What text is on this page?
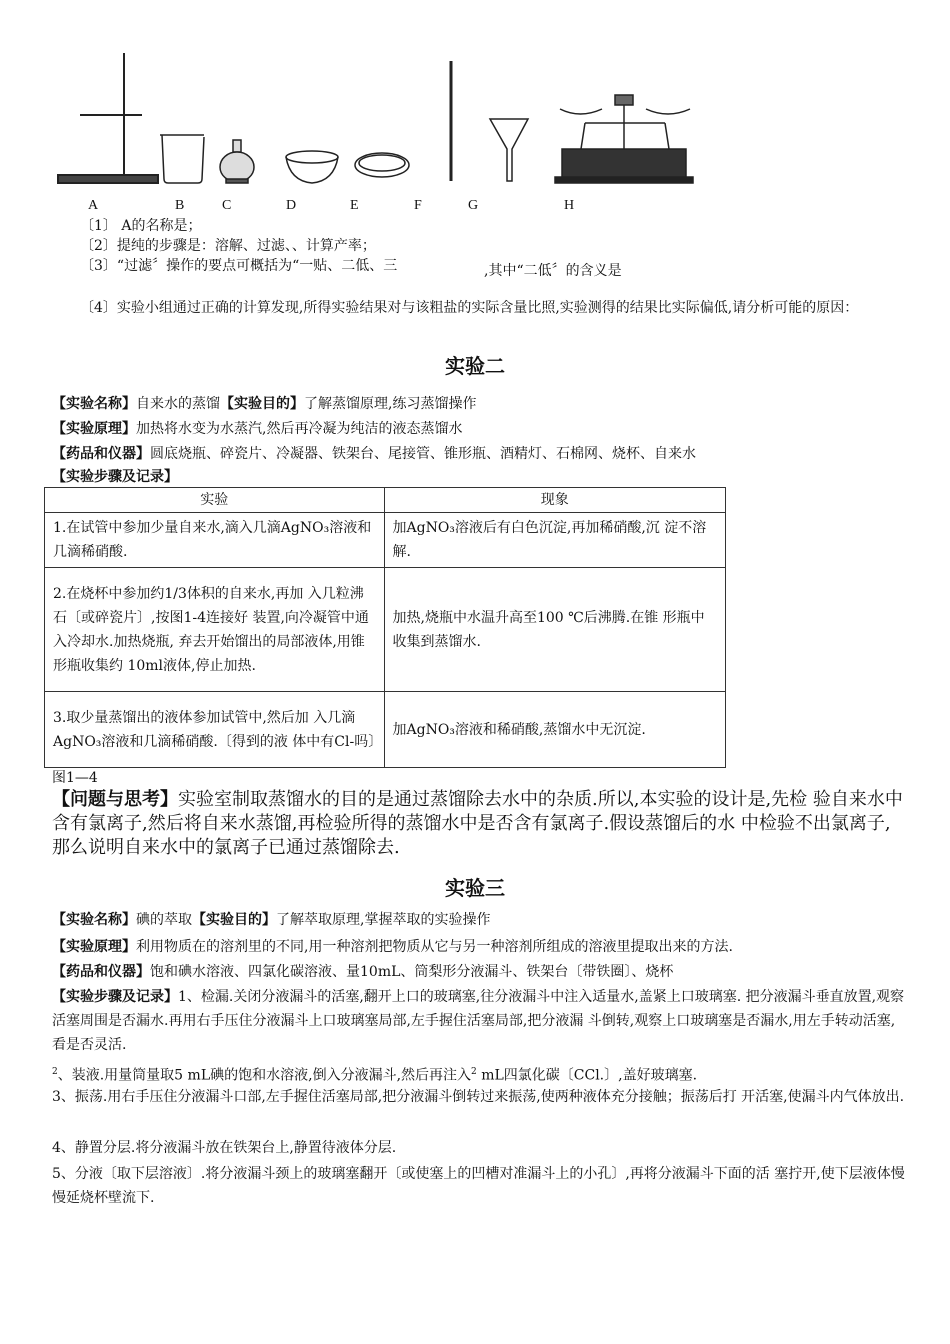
A	B	C	D	E	F	G	H
〔1〕 A的名称是；
〔2〕提纯的步骤是：溶解、过滤、、计算产率；
〔3〕“过滤〞操作的要点可概括为“一贴、二低、三	,其中“二低〞的含义是
〔4〕实验小组通过正确的计算发现,所得实验结果对与该粗盐的实际含量比照,实验测得的结果比实际偏低,请分析可能的原因：
实验二
【实验名称】自来水的蒸馏【实验目的】了解蒸馏原理,练习蒸馏操作
【实验原理】加热将水变为水蒸汽,然后再冷凝为纯洁的液态蒸馏水
【药品和仪器】圆底烧瓶、碎瓷片、冷凝器、铁架台、尾接管、锥形瓶、酒精灯、石棉网、烧杯、自来水
【实验步骤及记录】
实验	现象
1.在试管中参加少量自来水,滴入几滴AgNO₃溶液和几滴稀硝酸.	加AgNO₃溶液后有白色沉淀,再加稀硝酸,沉 淀不溶解.
2.在烧杯中参加约1/3体积的自来水,再加 入几粒沸石〔或碎瓷片〕,按图1-4连接好 装置,向冷凝管中通入冷却水.加热烧瓶, 弃去开始馏出的局部液体,用锥形瓶收集约 10ml液体,停止加热.	加热,烧瓶中水温升高至100 ℃后沸腾.在锥 形瓶中收集到蒸馏水.
3.取少量蒸馏出的液体参加试管中,然后加 入几滴AgNO₃溶液和几滴稀硝酸.〔得到的液 体中有Cl-吗〕	加AgNO₃溶液和稀硝酸,蒸馏水中无沉淀.
图1—4
【问题与思考】实验室制取蒸馏水的目的是通过蒸馏除去水中的杂质.所以,本实验的设计是,先检 验自来水中含有氯离子,然后将自来水蒸馏,再检验所得的蒸馏水中是否含有氯离子.假设蒸馏后的水 中检验不出氯离子,那么说明自来水中的氯离子已通过蒸馏除去.
实验三
【实验名称】碘的萃取【实验目的】了解萃取原理,掌握萃取的实验操作
【实验原理】利用物质在的溶剂里的不同,用一种溶剂把物质从它与另一种溶剂所组成的溶液里提取出来的方法.
【药品和仪器】饱和碘水溶液、四氯化碳溶液、量10mL、筒梨形分液漏斗、铁架台〔带铁圈〕、烧杯
【实验步骤及记录】1、检漏.关闭分液漏斗的活塞,翻开上口的玻璃塞,往分液漏斗中注入适量水,盖紧上口玻璃塞. 把分液漏斗垂直放置,观察活塞周围是否漏水.再用右手压住分液漏斗上口玻璃塞局部,左手握住活塞局部,把分液漏 斗倒转,观察上口玻璃塞是否漏水,用左手转动活塞,看是否灵活.
$^2$、装液.用量筒量取5 mL碘的饱和水溶液,倒入分液漏斗,然后再注入$^2$ mL四氯化碳〔CCl.〕,盖好玻璃塞.
3、振荡.用右手压住分液漏斗口部,左手握住活塞局部,把分液漏斗倒转过来振荡,使两种液体充分接触；振荡后打 开活塞,使漏斗内气体放出.
4、静置分层.将分液漏斗放在铁架台上,静置待液体分层.
5、分液〔取下层溶液〕.将分液漏斗颈上的玻璃塞翻开〔或使塞上的凹槽对准漏斗上的小孔〕,再将分液漏斗下面的活 塞拧开,使下层液体慢慢延烧杯壁流下.
